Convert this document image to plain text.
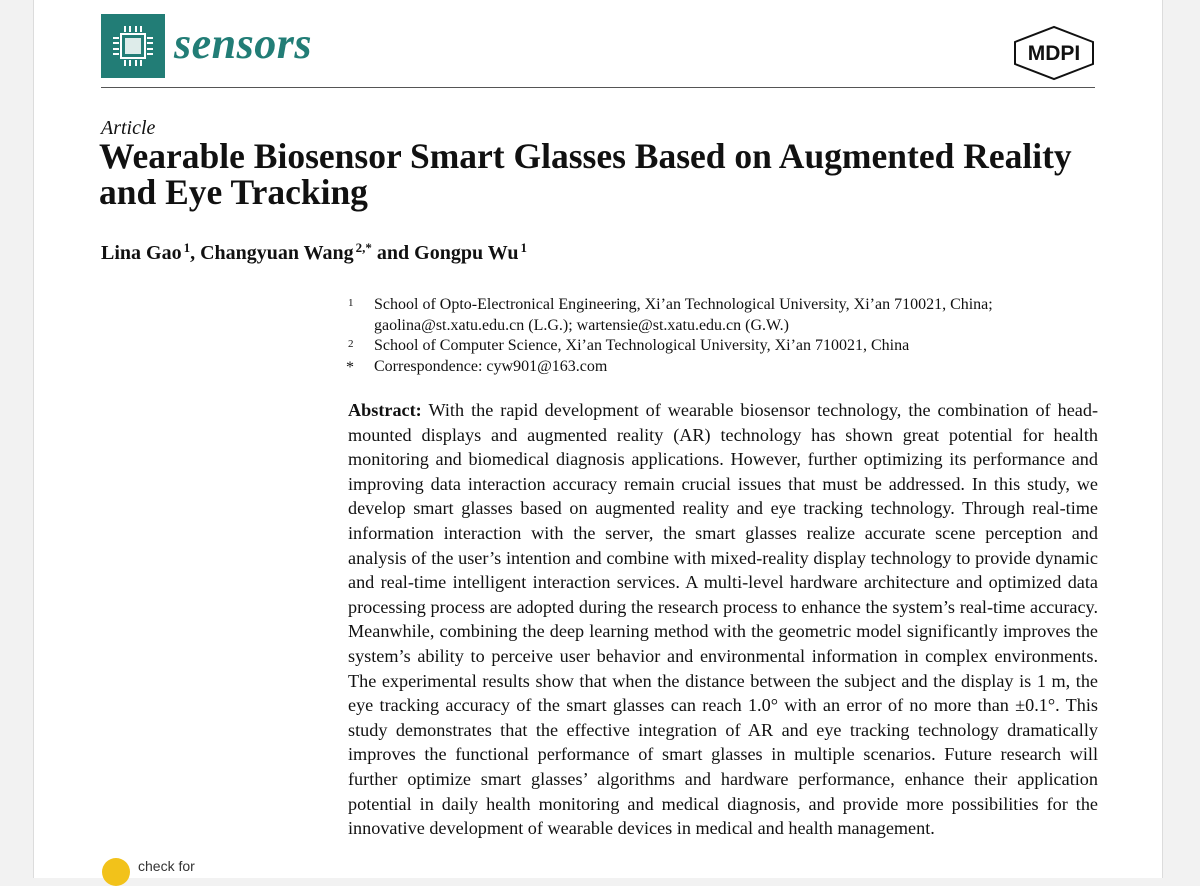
sensors	MDPI
Article
Wearable Biosensor Smart Glasses Based on Augmented Reality and Eye Tracking
Lina Gao $^1$, Changyuan Wang $^{2,*}$ and Gongpu Wu $^1$
1 School of Opto-Electronical Engineering, Xi’an Technological University, Xi’an 710021, China; gaolina@st.xatu.edu.cn (L.G.); wartensie@st.xatu.edu.cn (G.W.)
2 School of Computer Science, Xi’an Technological University, Xi’an 710021, China
* Correspondence: cyw901@163.com

Abstract: With the rapid development of wearable biosensor technology, the combination of head-mounted displays and augmented reality (AR) technology has shown great potential for health monitoring and biomedical diagnosis applications. However, further optimizing its performance and improving data interaction accuracy remain crucial issues that must be addressed. In this study, we develop smart glasses based on augmented reality and eye tracking technology. Through real-time information interaction with the server, the smart glasses realize accurate scene perception and analysis of the user’s intention and combine with mixed-reality display technology to provide dynamic and real-time intelligent interaction services. A multi-level hardware architecture and optimized data processing process are adopted during the research process to enhance the system’s real-time accuracy. Meanwhile, combining the deep learning method with the geometric model significantly improves the system’s ability to perceive user behavior and environmental information in complex environments. The experimental results show that when the distance between the subject and the display is 1 m, the eye tracking accuracy of the smart glasses can reach 1.0° with an error of no more than ±0.1°. This study demonstrates that the effective integration of AR and eye tracking technology dramatically improves the functional performance of smart glasses in multiple scenarios. Future research will further optimize smart glasses’ algorithms and hardware performance, enhance their application potential in daily health monitoring and medical diagnosis, and provide more possibilities for the innovative development of wearable devices in medical and health management.

check for
